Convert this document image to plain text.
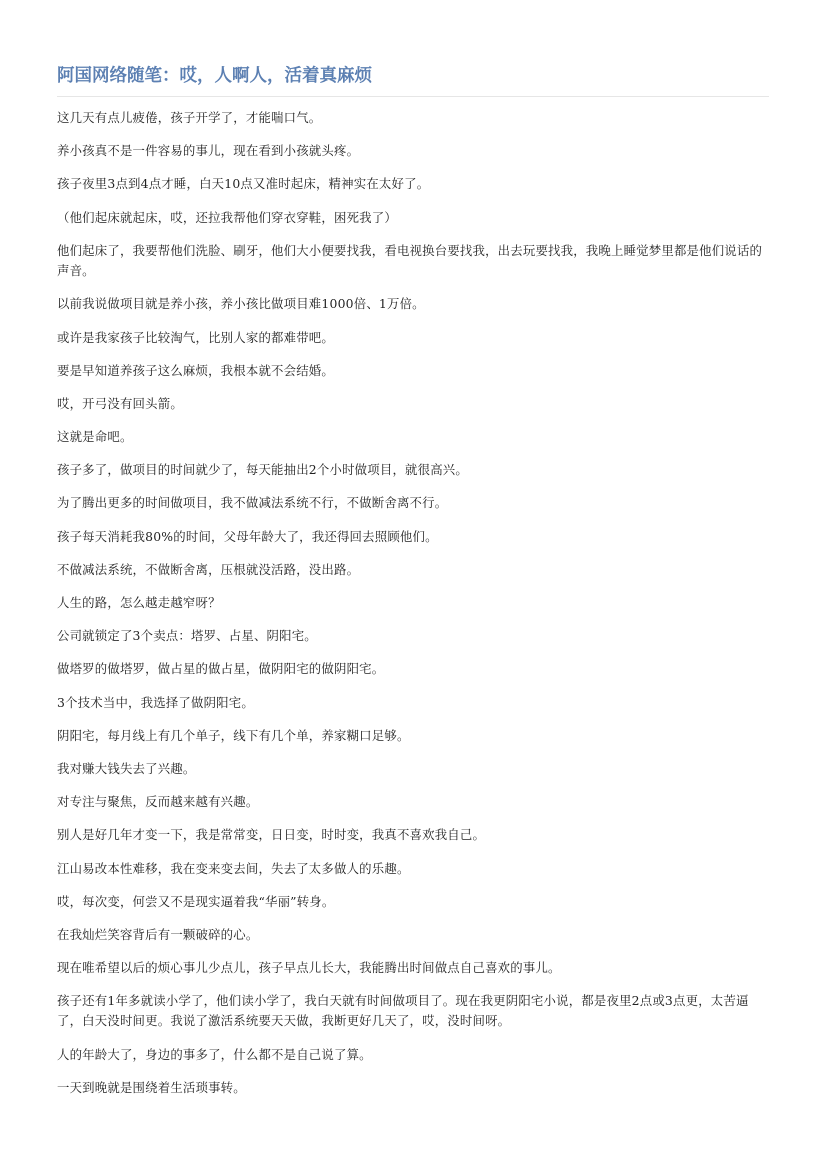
阿国网络随笔：哎，人啊人，活着真麻烦

这几天有点儿疲倦，孩子开学了，才能喘口气。

养小孩真不是一件容易的事儿，现在看到小孩就头疼。

孩子夜里3点到4点才睡，白天10点又准时起床，精神实在太好了。

（他们起床就起床，哎，还拉我帮他们穿衣穿鞋，困死我了）

他们起床了，我要帮他们洗脸、刷牙，他们大小便要找我，看电视换台要找我，出去玩要找我，我晚上睡觉梦里都是他们说话的声音。

以前我说做项目就是养小孩，养小孩比做项目难1000倍、1万倍。

或许是我家孩子比较淘气，比别人家的都难带吧。

要是早知道养孩子这么麻烦，我根本就不会结婚。

哎，开弓没有回头箭。

这就是命吧。

孩子多了，做项目的时间就少了，每天能抽出2个小时做项目，就很高兴。

为了腾出更多的时间做项目，我不做减法系统不行，不做断舍离不行。

孩子每天消耗我80%的时间，父母年龄大了，我还得回去照顾他们。

不做减法系统，不做断舍离，压根就没活路，没出路。

人生的路，怎么越走越窄呀？

公司就锁定了3个卖点：塔罗、占星、阴阳宅。

做塔罗的做塔罗，做占星的做占星，做阴阳宅的做阴阳宅。

3个技术当中，我选择了做阴阳宅。

阴阳宅，每月线上有几个单子，线下有几个单，养家糊口足够。

我对赚大钱失去了兴趣。

对专注与聚焦，反而越来越有兴趣。

别人是好几年才变一下，我是常常变，日日变，时时变，我真不喜欢我自己。

江山易改本性难移，我在变来变去间，失去了太多做人的乐趣。

哎，每次变，何尝又不是现实逼着我“华丽”转身。

在我灿烂笑容背后有一颗破碎的心。

现在唯希望以后的烦心事儿少点儿，孩子早点儿长大，我能腾出时间做点自己喜欢的事儿。

孩子还有1年多就读小学了，他们读小学了，我白天就有时间做项目了。现在我更阴阳宅小说，都是夜里2点或3点更，太苦逼了，白天没时间更。我说了激活系统要天天做，我断更好几天了，哎，没时间呀。

人的年龄大了，身边的事多了，什么都不是自己说了算。

一天到晚就是围绕着生活琐事转。
